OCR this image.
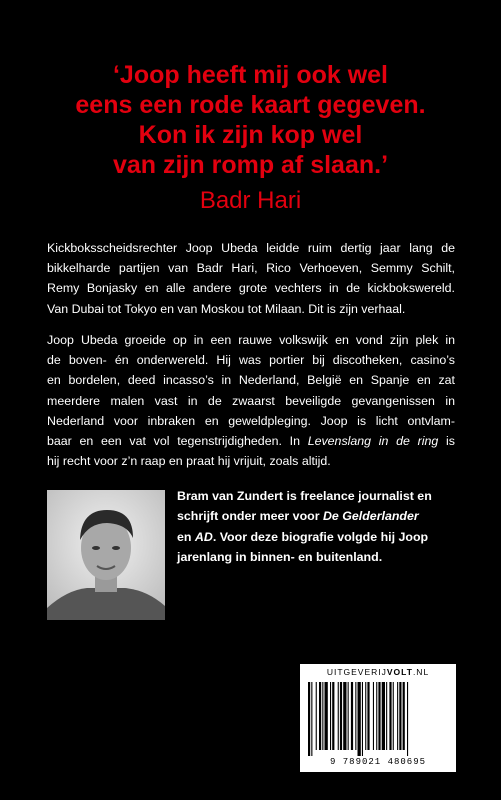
‘Joop heeft mij ook wel
eens een rode kaart gegeven.
Kon ik zijn kop wel
van zijn romp af slaan.’
Badr Hari
Kickboksscheidsrechter Joop Ubeda leidde ruim dertig jaar lang de
bikkelharde partijen van Badr Hari, Rico Verhoeven, Semmy Schilt,
Remy Bonjasky en alle andere grote vechters in de kickbokswereld.
Van Dubai tot Tokyo en van Moskou tot Milaan. Dit is zijn verhaal.
Joop Ubeda groeide op in een rauwe volkswijk en vond zijn plek in
de boven- én onderwereld. Hij was portier bij discotheken, casino’s
en bordelen, deed incasso’s in Nederland, België en Spanje en zat
meerdere malen vast in de zwaarst beveiligde gevangenissen in
Nederland voor inbraken en geweldpleging. Joop is licht ontvlam-
baar en een vat vol tegenstrijdigheden. In Levenslang in de ring is
hij recht voor z’n raap en praat hij vrijuit, zoals altijd.
Bram van Zundert is freelance journalist en
schrijft onder meer voor De Gelderlander
en AD. Voor deze biografie volgde hij Joop
jarenlang in binnen- en buitenland.
UITGEVERIJVOLT.NL
9 789021 480695
